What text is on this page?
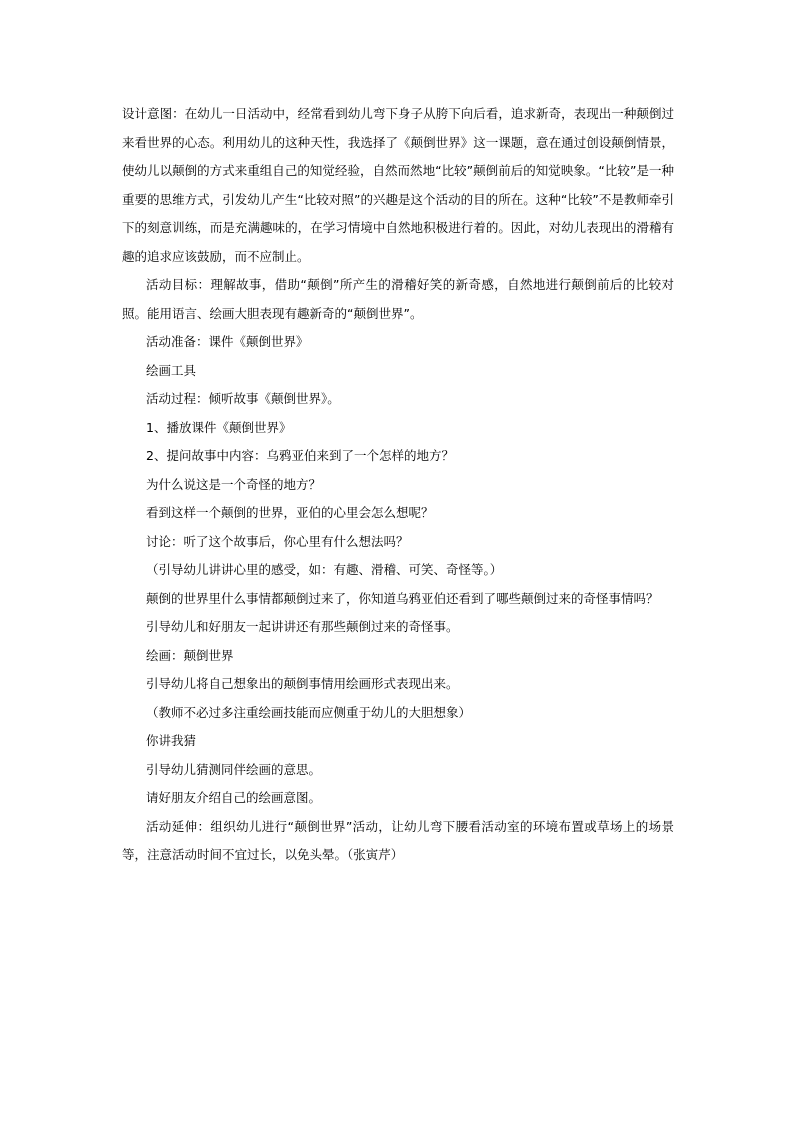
设计意图：在幼儿一日活动中，经常看到幼儿弯下身子从胯下向后看，追求新奇，表现出一种颠倒过来看世界的心态。利用幼儿的这种天性，我选择了《颠倒世界》这一课题，意在通过创设颠倒情景，使幼儿以颠倒的方式来重组自己的知觉经验，自然而然地“比较”颠倒前后的知觉映象。“比较”是一种重要的思维方式，引发幼儿产生“比较对照”的兴趣是这个活动的目的所在。这种“比较”不是教师牵引下的刻意训练，而是充满趣味的，在学习情境中自然地积极进行着的。因此，对幼儿表现出的滑稽有趣的追求应该鼓励，而不应制止。

活动目标：理解故事，借助“颠倒”所产生的滑稽好笑的新奇感，自然地进行颠倒前后的比较对照。能用语言、绘画大胆表现有趣新奇的“颠倒世界”。

活动准备：课件《颠倒世界》

绘画工具

活动过程：倾听故事《颠倒世界》。

1、播放课件《颠倒世界》

2、提问故事中内容：乌鸦亚伯来到了一个怎样的地方？

为什么说这是一个奇怪的地方？

看到这样一个颠倒的世界，亚伯的心里会怎么想呢？

讨论：听了这个故事后，你心里有什么想法吗？

（引导幼儿讲讲心里的感受，如：有趣、滑稽、可笑、奇怪等。）

颠倒的世界里什么事情都颠倒过来了，你知道乌鸦亚伯还看到了哪些颠倒过来的奇怪事情吗？

引导幼儿和好朋友一起讲讲还有那些颠倒过来的奇怪事。

绘画：颠倒世界

引导幼儿将自己想象出的颠倒事情用绘画形式表现出来。

（教师不必过多注重绘画技能而应侧重于幼儿的大胆想象）

你讲我猜

引导幼儿猜测同伴绘画的意思。

请好朋友介绍自己的绘画意图。

活动延伸：组织幼儿进行“颠倒世界”活动，让幼儿弯下腰看活动室的环境布置或草场上的场景等，注意活动时间不宜过长，以免头晕。（张寅芹）
